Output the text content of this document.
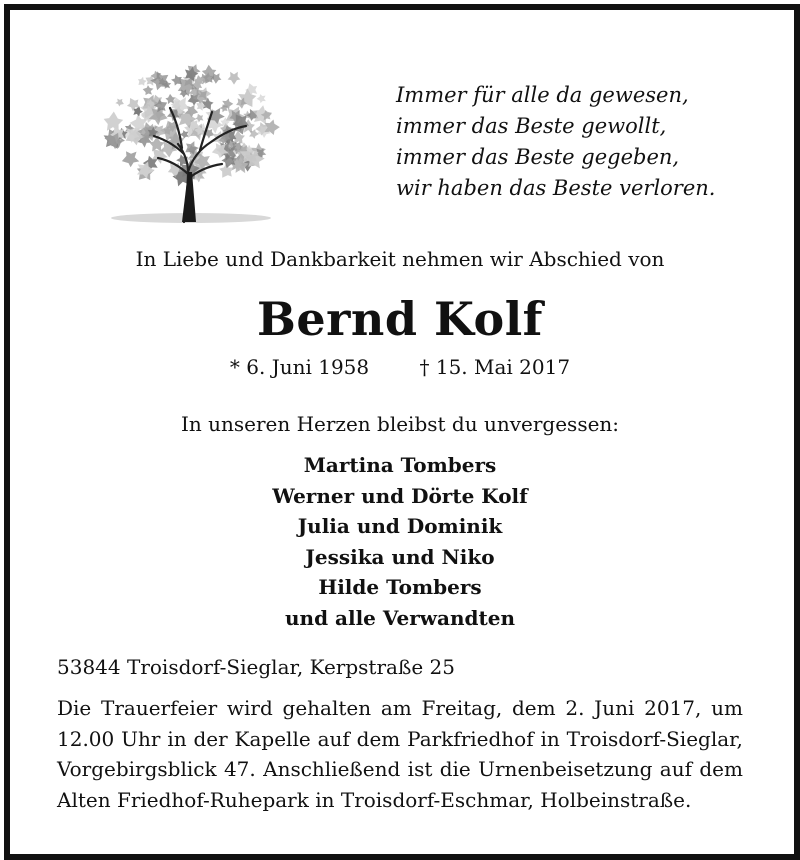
Immer für alle da gewesen,
immer das Beste gewollt,
immer das Beste gegeben,
wir haben das Beste verloren.
In Liebe und Dankbarkeit nehmen wir Abschied von
Bernd Kolf
* 6. Juni 1958	† 15. Mai 2017
In unseren Herzen bleibst du unvergessen:
Martina Tombers
Werner und Dörte Kolf
Julia und Dominik
Jessika und Niko
Hilde Tombers
und alle Verwandten
53844 Troisdorf-Sieglar, Kerpstraße 25
Die Trauerfeier wird gehalten am Freitag, dem 2. Juni 2017, um
12.00 Uhr in der Kapelle auf dem Parkfriedhof in Troisdorf-Sieglar,
Vorgebirgsblick 47. Anschließend ist die Urnenbeisetzung auf dem
Alten Friedhof-Ruhepark in Troisdorf-Eschmar, Holbeinstraße.
